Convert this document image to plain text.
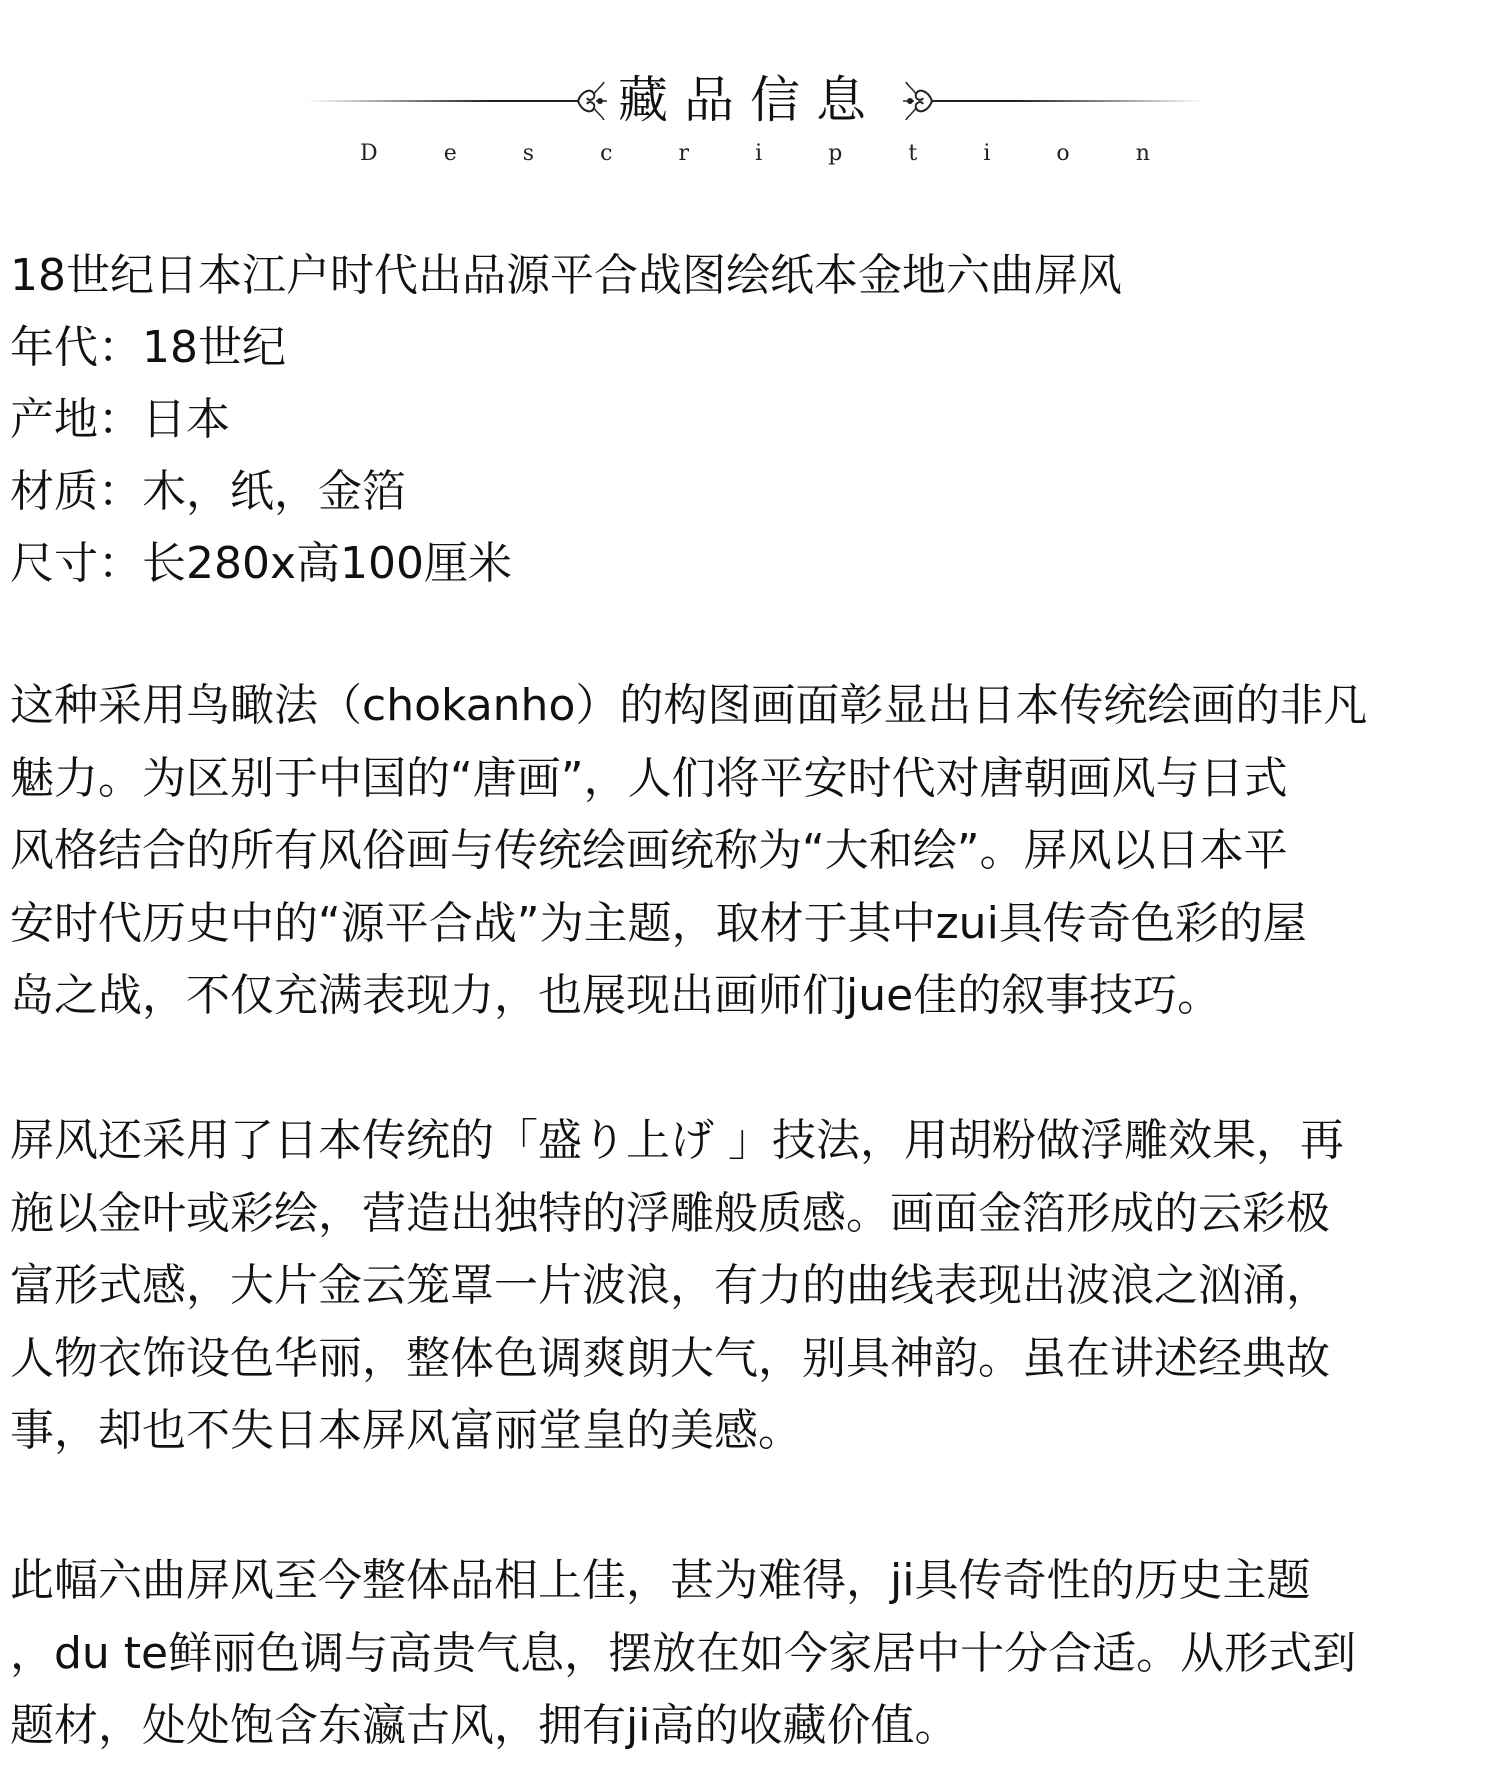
藏品信息
D	e	s	c	r	i	p	t	i	o	n
18世纪日本江户时代出品源平合战图绘纸本金地六曲屏风
年代：18世纪
产地：日本
材质：木，纸，金箔
尺寸：长280x高100厘米
这种采用鸟瞰法（chokanho）的构图画面彰显出日本传统绘画的非凡
魅力。为区别于中国的“唐画”，人们将平安时代对唐朝画风与日式
风格结合的所有风俗画与传统绘画统称为“大和绘”。屏风以日本平
安时代历史中的“源平合战”为主题，取材于其中zui具传奇色彩的屋
岛之战，不仅充满表现力，也展现出画师们jue佳的叙事技巧。
屏风还采用了日本传统的「盛り上げ 」技法，用胡粉做浮雕效果，再
施以金叶或彩绘，营造出独特的浮雕般质感。画面金箔形成的云彩极
富形式感，大片金云笼罩一片波浪，有力的曲线表现出波浪之汹涌，
人物衣饰设色华丽，整体色调爽朗大气，别具神韵。虽在讲述经典故
事，却也不失日本屏风富丽堂皇的美感。
此幅六曲屏风至今整体品相上佳，甚为难得，ji具传奇性的历史主题
，du te鲜丽色调与高贵气息，摆放在如今家居中十分合适。从形式到
题材，处处饱含东瀛古风，拥有ji高的收藏价值。
